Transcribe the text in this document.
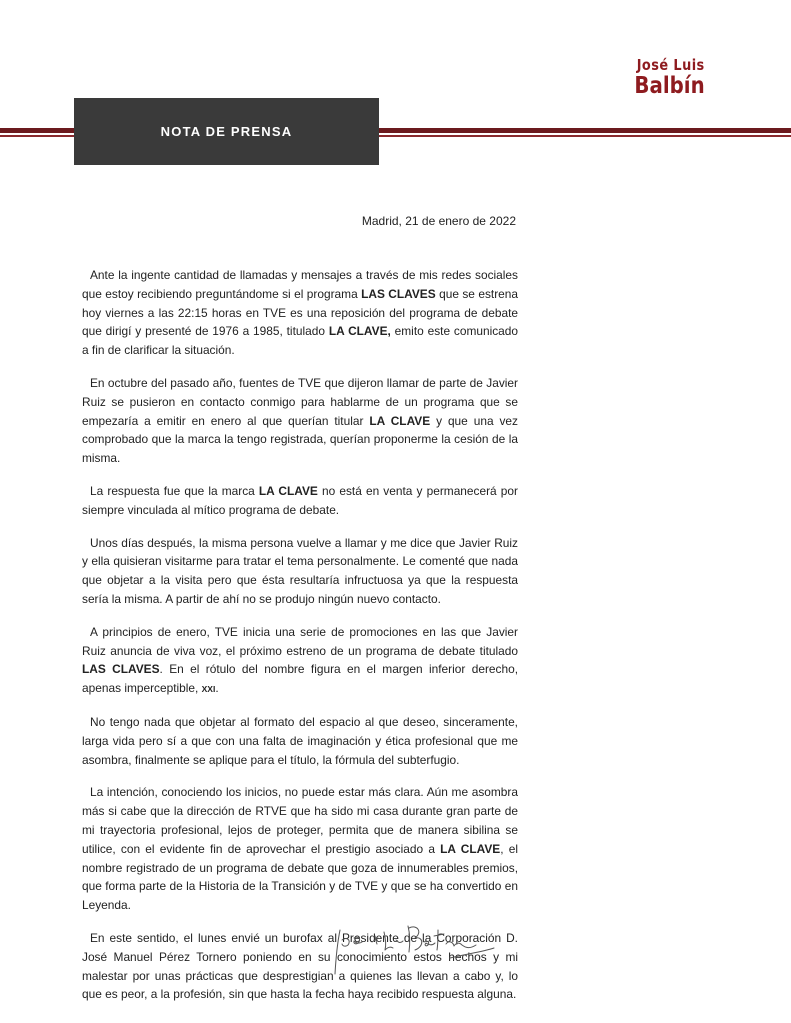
José Luis
Balbín
NOTA DE PRENSA
Madrid, 21 de enero de 2022

Ante la ingente cantidad de llamadas y mensajes a través de mis redes sociales que estoy recibiendo preguntándome si el programa LAS CLAVES que se estrena hoy viernes a las 22:15 horas en TVE es una reposición del programa de debate que dirigí y presenté de 1976 a 1985, titulado LA CLAVE, emito este comunicado a fin de clarificar la situación.

En octubre del pasado año, fuentes de TVE que dijeron llamar de parte de Javier Ruiz se pusieron en contacto conmigo para hablarme de un programa que se empezaría a emitir en enero al que querían titular LA CLAVE y que una vez comprobado que la marca la tengo registrada, querían proponerme la cesión de la misma.

La respuesta fue que la marca LA CLAVE no está en venta y permanecerá por siempre vinculada al mítico programa de debate.

Unos días después, la misma persona vuelve a llamar y me dice que Javier Ruiz y ella quisieran visitarme para tratar el tema personalmente. Le comenté que nada que objetar a la visita pero que ésta resultaría infructuosa ya que la respuesta sería la misma. A partir de ahí no se produjo ningún nuevo contacto.

A principios de enero, TVE inicia una serie de promociones en las que Javier Ruiz anuncia de viva voz, el próximo estreno de un programa de debate titulado LAS CLAVES. En el rótulo del nombre figura en el margen inferior derecho, apenas imperceptible, XXI.

No tengo nada que objetar al formato del espacio al que deseo, sinceramente, larga vida pero sí a que con una falta de imaginación y ética profesional que me asombra, finalmente se aplique para el título, la fórmula del subterfugio.

La intención, conociendo los inicios, no puede estar más clara. Aún me asombra más si cabe que la dirección de RTVE que ha sido mi casa durante gran parte de mi trayectoria profesional, lejos de proteger, permita que de manera sibilina se utilice, con el evidente fin de aprovechar el prestigio asociado a LA CLAVE, el nombre registrado de un programa de debate que goza de innumerables premios, que forma parte de la Historia de la Transición y de TVE y que se ha convertido en Leyenda.

En este sentido, el lunes envié un burofax al Presidente de la Corporación D. José Manuel Pérez Tornero poniendo en su conocimiento estos hechos y mi malestar por unas prácticas que desprestigian a quienes las llevan a cabo y, lo que es peor, a la profesión, sin que hasta la fecha haya recibido respuesta alguna.
